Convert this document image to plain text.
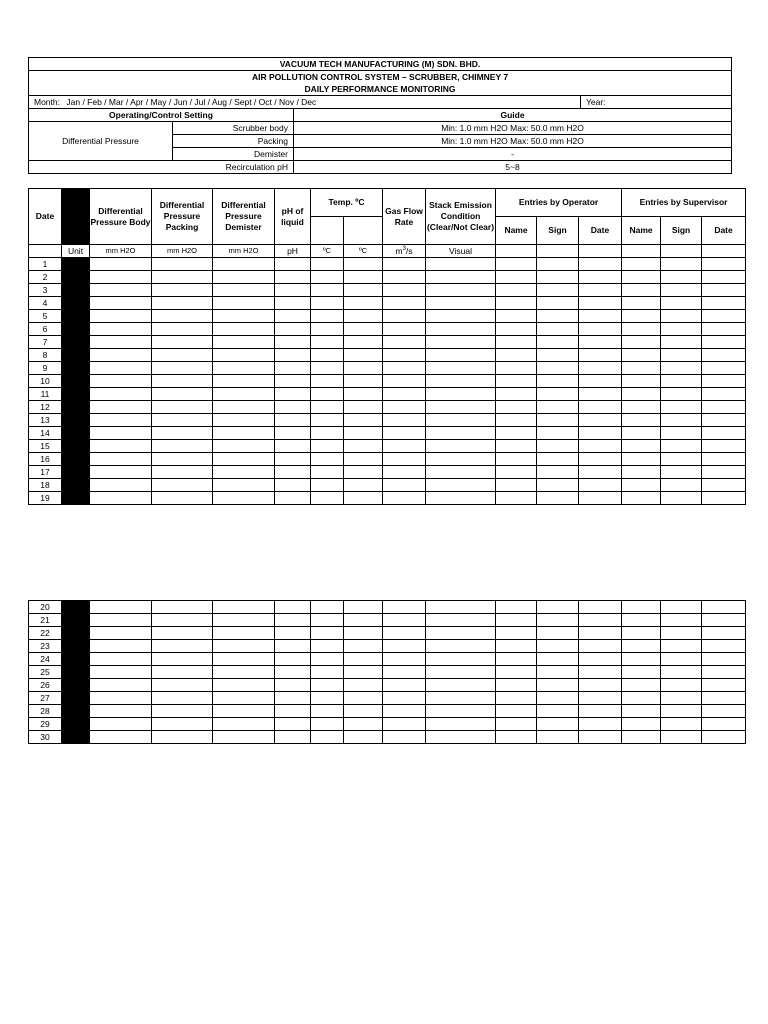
VACUUM TECH MANUFACTURING (M) SDN. BHD.			
AIR POLLUTION CONTROL SYSTEM – SCRUBBER, CHIMNEY 7			
DAILY PERFORMANCE MONITORING			
Month: Jan / Feb / Mar / Apr / May / Jun / Jul / Aug / Sept / Oct / Nov / Dec			Year:
Operating/Control Setting		Guide	
Differential Pressure	Scrubber body	Min: 1.0 mm H2O Max: 50.0 mm H2O	
	Packing	Min: 1.0 mm H2O Max: 50.0 mm H2O	
	Demister	-	
	Recirculation pH	5~8	
Date		Differential Pressure Body	Differential Pressure Packing	Differential Pressure Demister	pH of liquid	Temp. ºC		Gas Flow Rate	Stack Emission Condition (Clear/Not Clear)	Entries by Operator			Entries by Supervisor		
										Name	Sign	Date	Name	Sign	Date
	Unit	mm H2O	mm H2O	mm H2O	pH	ºC	ºC	$m^3/s$	Visual						
1															
2															
3															
4															
5															
6															
7															
8															
9															
10															
11															
12															
13															
14															
15															
16															
17															
18															
19															
20															
21															
22															
23															
24															
25															
26															
27															
28															
29															
30															
